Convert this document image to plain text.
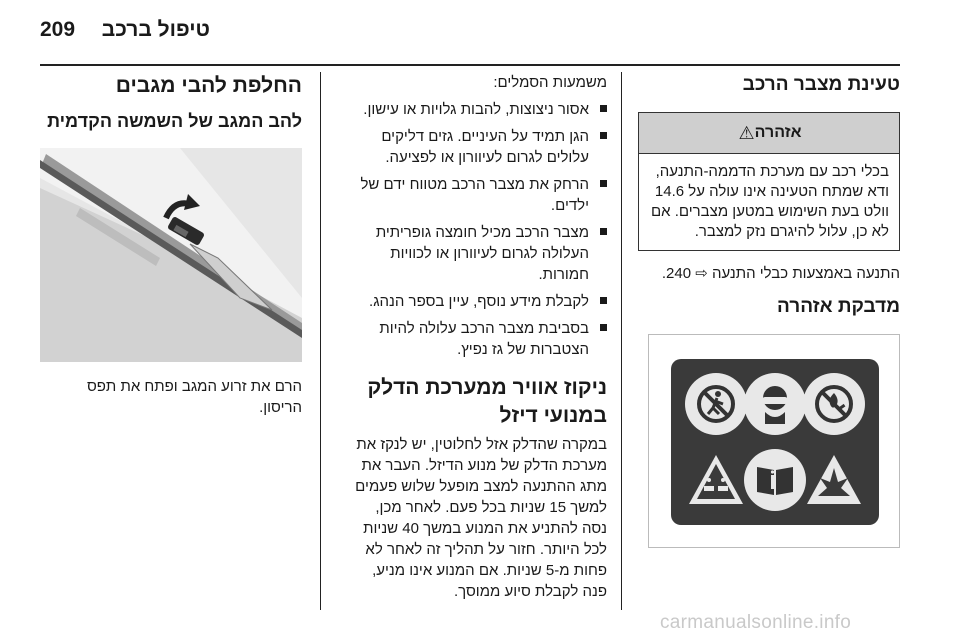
טיפול ברכב
209
טעינת מצבר הרכב
אזהרה
⚠
בכלי רכב עם מערכת הדממה-התנעה, ודא שמתח הטעינה אינו עולה על 14.6 וולט בעת השימוש במטען מצברים. אם לא כן, עלול להיגרם נזק למצבר.

התנעה באמצעות כבלי התנעה ⇨ 240.

מדבקת אזהרה

משמעות הסמלים:

אסור ניצוצות, להבות גלויות או עישון.
הגן תמיד על העיניים. גזים דליקים עלולים לגרום לעיוורון או לפציעה.
הרחק את מצבר הרכב מטווח ידם של ילדים.
מצבר הרכב מכיל חומצה גופריתית העלולה לגרום לעיוורון או לכוויות חמורות.
לקבלת מידע נוסף, עיין בספר הנהג.
בסביבת מצבר הרכב עלולה להיות הצטברות של גז נפיץ.
ניקוז אוויר ממערכת הדלק במנועי דיזל

במקרה שהדלק אזל לחלוטין, יש לנקז את מערכת הדלק של מנוע הדיזל. העבר את מתג ההתנעה למצב מופעל שלוש פעמים למשך 15 שניות בכל פעם. לאחר מכן, נסה להתניע את המנוע במשך 40 שניות לכל היותר. חזור על תהליך זה לאחר לא פחות מ-5 שניות. אם המנוע אינו מניע, פנה לקבלת סיוע ממוסך.

החלפת להבי מגבים
להב המגב של השמשה הקדמית

הרם את זרוע המגב ופתח את תפס הריסון.

carmanualsonline.info
